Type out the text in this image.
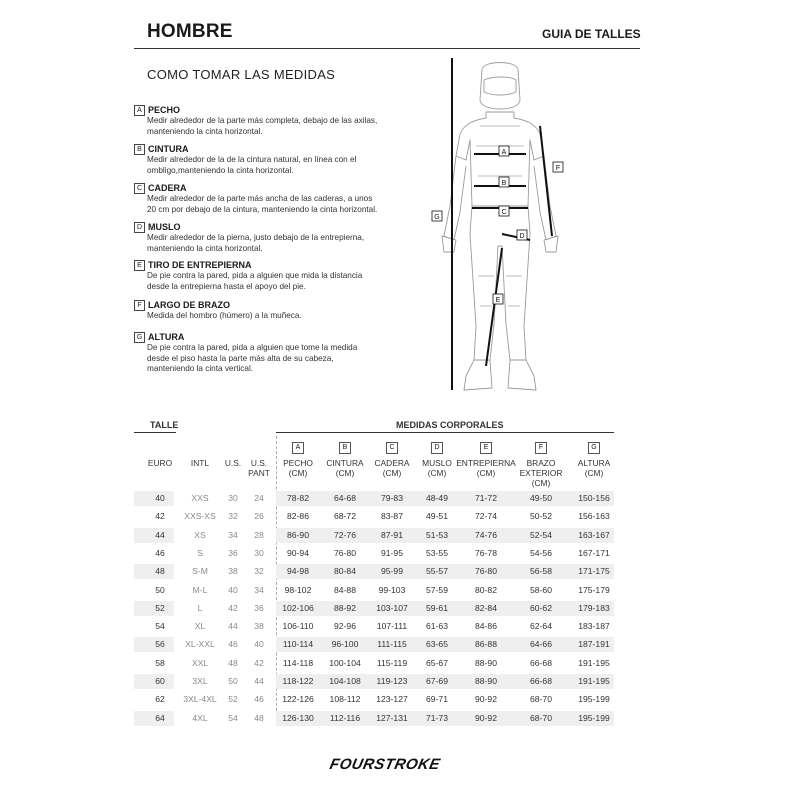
HOMBRE	GUIA DE TALLES
COMO TOMAR LAS MEDIDAS
A PECHO
Medir alrededor de la parte más completa, debajo de las axilas,
manteniendo la cinta horizontal.
B CINTURA
Medir alrededor de la de la cintura natural, en línea con el
ombligo,manteniendo la cinta horizontal.
C CADERA
Medir alrededor de la parte más ancha de las caderas, a unos
20 cm por debajo de la cintura, manteniendo la cinta horizontal.
D MUSLO
Medir alrededor de la pierna, justo debajo de la entrepierna,
manteniendo la cinta horizontal.
E TIRO DE ENTREPIERNA
De pie contra la pared, pida a alguien que mida la distancia
desde la entrepierna hasta el apoyo del pie.
F LARGO DE BRAZO
Medida del hombro (húmero) a la muñeca.
G ALTURA
De pie contra la pared, pida a alguien que tome la medida
desde el piso hasta la parte más alta de su cabeza,
manteniendo la cinta vertical.
A
B
C
D
E
F
G
TALLE	MEDIDAS CORPORALES
EURO	INTL	U.S.	U.S.
PANT
A
PECHO
(CM)
B
CINTURA
(CM)
C
CADERA
(CM)
D
MUSLO
(CM)
E
ENTREPIERNA
(CM)
F
BRAZO
EXTERIOR
(CM)
G
ALTURA
(CM)
40	XXS	30	24	78-82	64-68	79-83	48-49	71-72	49-50	150-156
42	XXS-XS	32	26	82-86	68-72	83-87	49-51	72-74	50-52	156-163
44	XS	34	28	86-90	72-76	87-91	51-53	74-76	52-54	163-167
46	S	36	30	90-94	76-80	91-95	53-55	76-78	54-56	167-171
48	S-M	38	32	94-98	80-84	95-99	55-57	76-80	56-58	171-175
50	M-L	40	34	98-102	84-88	99-103	57-59	80-82	58-60	175-179
52	L	42	36	102-106	88-92	103-107	59-61	82-84	60-62	179-183
54	XL	44	38	106-110	92-96	107-111	61-63	84-86	62-64	183-187
56	XL-XXL	46	40	110-114	96-100	111-115	63-65	86-88	64-66	187-191
58	XXL	48	42	114-118	100-104	115-119	65-67	88-90	66-68	191-195
60	3XL	50	44	118-122	104-108	119-123	67-69	88-90	66-68	191-195
62	3XL-4XL	52	46	122-126	108-112	123-127	69-71	90-92	68-70	195-199
64	4XL	54	48	126-130	112-116	127-131	71-73	90-92	68-70	195-199
FOURSTROKE
